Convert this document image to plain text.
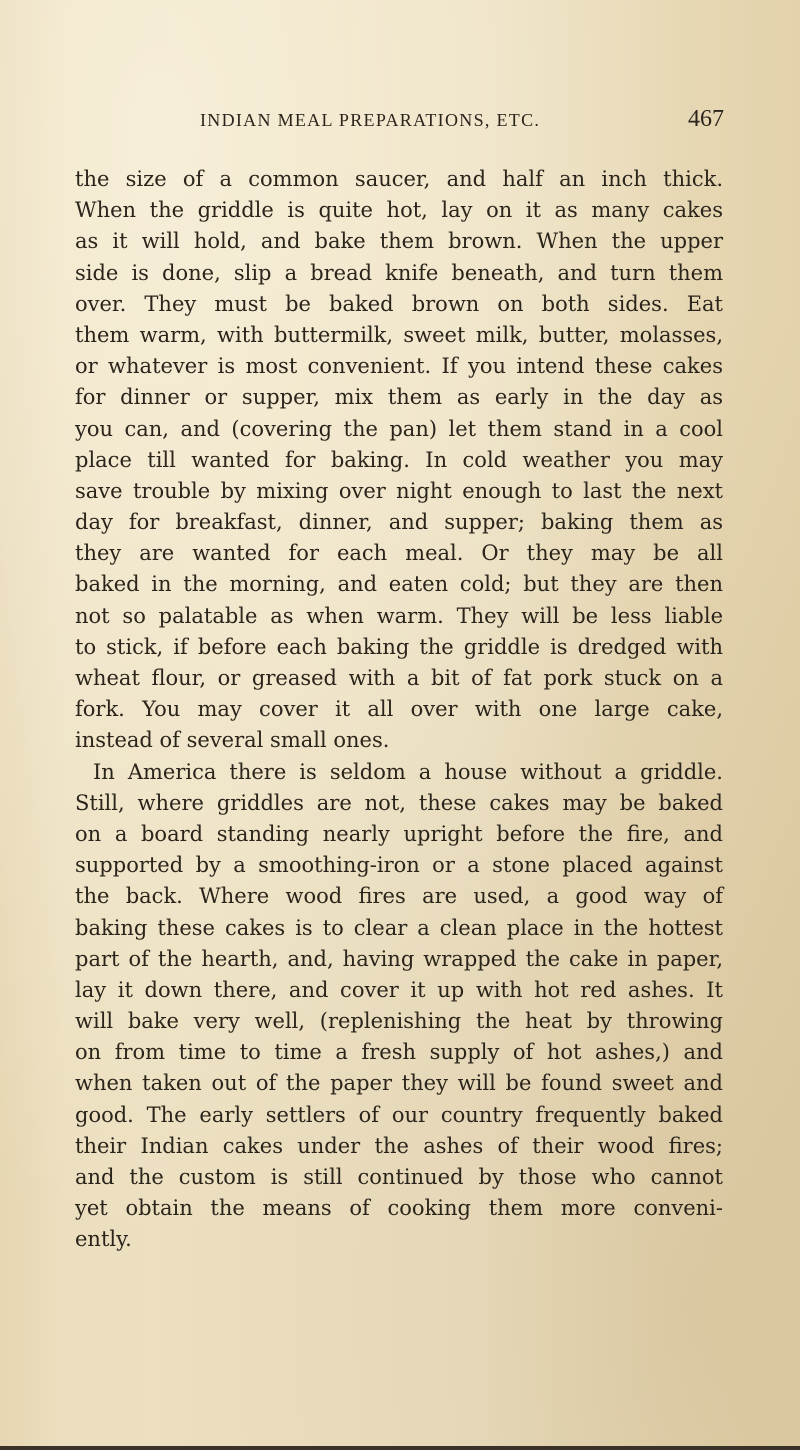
INDIAN MEAL PREPARATIONS, ETC.	467
the size of a common saucer, and half an inch thick.
When the griddle is quite hot, lay on it as many cakes
as it will hold, and bake them brown. When the upper
side is done, slip a bread knife beneath, and turn them
over. They must be baked brown on both sides. Eat
them warm, with buttermilk, sweet milk, butter, molasses,
or whatever is most convenient. If you intend these cakes
for dinner or supper, mix them as early in the day as
you can, and (covering the pan) let them stand in a cool
place till wanted for baking. In cold weather you may
save trouble by mixing over night enough to last the next
day for breakfast, dinner, and supper; baking them as
they are wanted for each meal. Or they may be all
baked in the morning, and eaten cold; but they are then
not so palatable as when warm. They will be less liable
to stick, if before each baking the griddle is dredged with
wheat flour, or greased with a bit of fat pork stuck on a
fork. You may cover it all over with one large cake,
instead of several small ones.
In America there is seldom a house without a griddle.
Still, where griddles are not, these cakes may be baked
on a board standing nearly upright before the fire, and
supported by a smoothing-iron or a stone placed against
the back. Where wood fires are used, a good way of
baking these cakes is to clear a clean place in the hottest
part of the hearth, and, having wrapped the cake in paper,
lay it down there, and cover it up with hot red ashes. It
will bake very well, (replenishing the heat by throwing
on from time to time a fresh supply of hot ashes,) and
when taken out of the paper they will be found sweet and
good. The early settlers of our country frequently baked
their Indian cakes under the ashes of their wood fires;
and the custom is still continued by those who cannot
yet obtain the means of cooking them more conveni-
ently.
